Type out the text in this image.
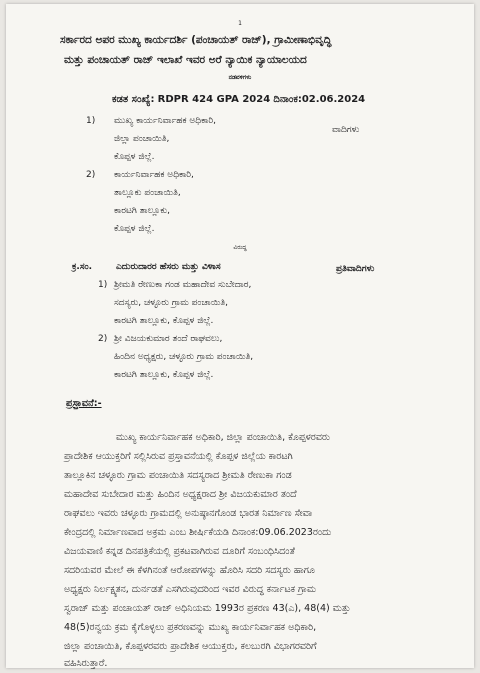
1
ಸರ್ಕಾರದ ಅಪರ ಮುಖ್ಯ ಕಾರ್ಯದರ್ಶಿ (ಪಂಚಾಯತ್ ರಾಜ್), ಗ್ರಾಮೀಣಾಭಿವೃದ್ಧಿ
ಮತ್ತು ಪಂಚಾಯತ್ ರಾಜ್ ಇಲಾಖೆ ಇವರ ಅರೆ ನ್ಯಾಯಿಕ ನ್ಯಾಯಾಲಯದ
ನಡವಳಿಗಳು
ಕಡತ ಸಂಖ್ಯೆ: RDPR 424 GPA 2024 ದಿನಾಂಕ:02.06.2024
1) ಮುಖ್ಯ ಕಾರ್ಯನಿರ್ವಾಹಕ ಅಧಿಕಾರಿ,
ಜಿಲ್ಲಾ ಪಂಚಾಯಿತಿ,
ಕೊಪ್ಪಳ ಜಿಲ್ಲೆ.
ವಾದಿಗಳು
2) ಕಾರ್ಯನಿರ್ವಾಹಕ ಅಧಿಕಾರಿ,
ತಾಲ್ಲೂಕು ಪಂಚಾಯಿತಿ,
ಕಾರಟಗಿ ತಾಲ್ಲೂಕು,
ಕೊಪ್ಪಳ ಜಿಲ್ಲೆ.
ವಿರುದ್ಧ
ಕ್ರ.ಸಂ.	ಎದುರುದಾರರ ಹೆಸರು ಮತ್ತು ವಿಳಾಸ	ಪ್ರತಿವಾದಿಗಳು
1) ಶ್ರೀಮತಿ ರೇಣುಕಾ ಗಂಡ ಮಹಾದೇವ ಸುಬೇದಾರ,
ಸದಸ್ಯರು, ಚಳ್ಳೂರು ಗ್ರಾಮ ಪಂಚಾಯಿತಿ,
ಕಾರಟಗಿ ತಾಲ್ಲೂಕು, ಕೊಪ್ಪಳ ಜಿಲ್ಲೆ.
2) ಶ್ರೀ ವಿಜಯಕುಮಾರ ತಂದೆ ರಾಘವಲು,
ಹಿಂದಿನ ಅಧ್ಯಕ್ಷರು, ಚಳ್ಳೂರು ಗ್ರಾಮ ಪಂಚಾಯಿತಿ,
ಕಾರಟಗಿ ತಾಲ್ಲೂಕು, ಕೊಪ್ಪಳ ಜಿಲ್ಲೆ.
ಪ್ರಸ್ತಾವನೆ:-
ಮುಖ್ಯ ಕಾರ್ಯನಿರ್ವಾಹಕ ಅಧಿಕಾರಿ, ಜಿಲ್ಲಾ ಪಂಚಾಯಿತಿ, ಕೊಪ್ಪಳರವರು
ಪ್ರಾದೇಶಿಕ ಆಯುಕ್ತರಿಗೆ ಸಲ್ಲಿಸಿರುವ ಪ್ರಸ್ತಾವನೆಯಲ್ಲಿ ಕೊಪ್ಪಳ ಜಿಲ್ಲೆಯ ಕಾರಟಗಿ
ತಾಲ್ಲೂಕಿನ ಚಳ್ಳೂರು ಗ್ರಾಮ ಪಂಚಾಯಿತಿ ಸದಸ್ಯರಾದ ಶ್ರೀಮತಿ ರೇಣುಕಾ ಗಂಡ
ಮಹಾದೇವ ಸುಬೇದಾರ ಮತ್ತು ಹಿಂದಿನ ಅಧ್ಯಕ್ಷರಾದ ಶ್ರೀ ವಿಜಯಕುಮಾರ ತಂದೆ
ರಾಘವಲು ಇವರು ಚಳ್ಳೂರು ಗ್ರಾಮದಲ್ಲಿ ಅನುಷ್ಠಾನಗೊಂಡ ಭಾರತ ನಿರ್ಮಾಣ ಸೇವಾ
ಕೇಂದ್ರದಲ್ಲಿ ನಿರ್ಮಾಣವಾದ ಅಕ್ರಮ ಎಂಬ ಶೀರ್ಷಿಕೆಯಡಿ ದಿನಾಂಕ:09.06.2023ರಂದು
ವಿಜಯವಾಣಿ ಕನ್ನಡ ದಿನಪತ್ರಿಕೆಯಲ್ಲಿ ಪ್ರಕಟವಾಗಿರುವ ದೂರಿಗೆ ಸಂಬಂಧಿಸಿದಂತೆ
ಸದರಿಯವರ ಮೇಲೆ ಈ ಕೆಳಗಿನಂತೆ ಆರೋಪಗಳನ್ನು ಹೊರಿಸಿ ಸದರಿ ಸದಸ್ಯರು ಹಾಗೂ
ಅಧ್ಯಕ್ಷರು ನಿರ್ಲಕ್ಷ್ಯತನ, ದುರ್ನಡತೆ ಎಸಗಿರುವುದರಿಂದ ಇವರ ವಿರುದ್ಧ ಕರ್ನಾಟಕ ಗ್ರಾಮ
ಸ್ವರಾಜ್ ಮತ್ತು ಪಂಚಾಯತ್ ರಾಜ್ ಅಧಿನಿಯಮ 1993ರ ಪ್ರಕರಣ 43(ಎ), 48(4) ಮತ್ತು
48(5)ರನ್ವಯ ಕ್ರಮ ಕೈಗೊಳ್ಳಲು ಪ್ರಕರಣವನ್ನು ಮುಖ್ಯ ಕಾರ್ಯನಿರ್ವಾಹಕ ಅಧಿಕಾರಿ,
ಜಿಲ್ಲಾ ಪಂಚಾಯಿತಿ, ಕೊಪ್ಪಳರವರು ಪ್ರಾದೇಶಿಕ ಆಯುಕ್ತರು, ಕಲಬುರಗಿ ವಿಭಾಗರವರಿಗೆ
ವಹಿಸಿರುತ್ತಾರೆ.
